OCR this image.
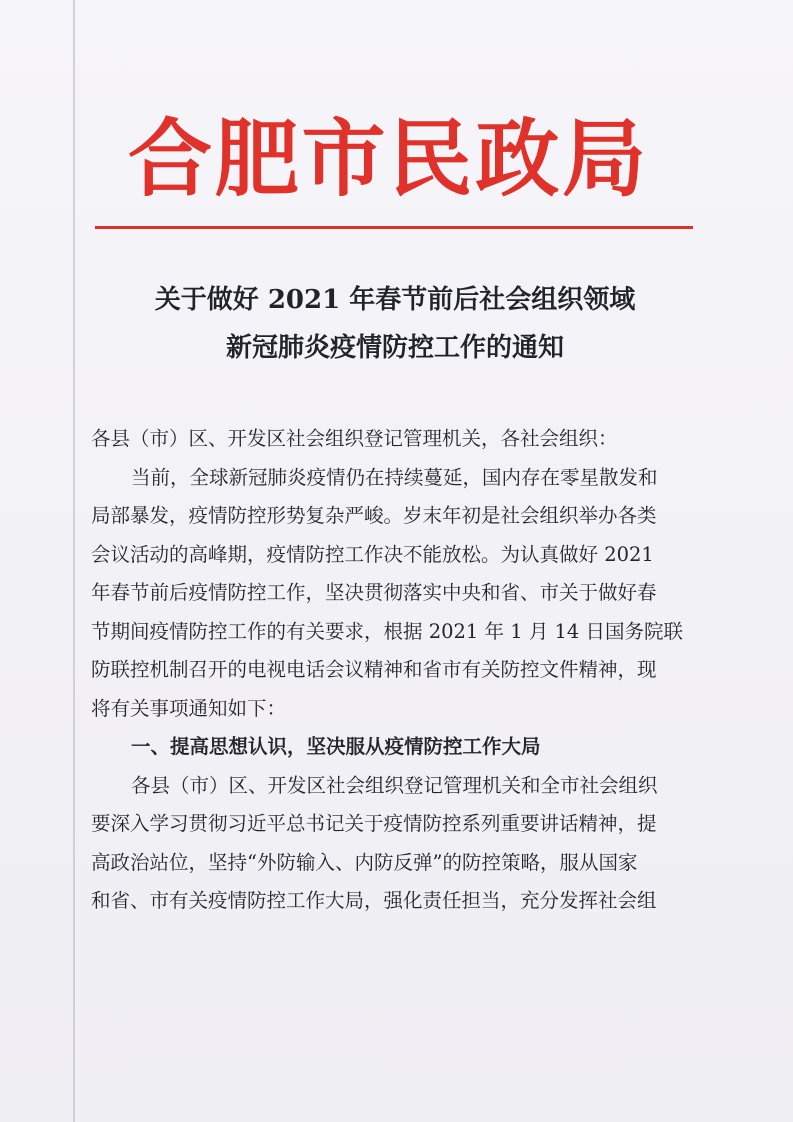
合 肥 市 民 政 局
关于做好 2021 年春节前后社会组织领域
新冠肺炎疫情防控工作的通知
各县（市）区、开发区社会组织登记管理机关，各社会组织：
当前，全球新冠肺炎疫情仍在持续蔓延，国内存在零星散发和
局部暴发，疫情防控形势复杂严峻。岁末年初是社会组织举办各类
会议活动的高峰期，疫情防控工作决不能放松。为认真做好 2021
年春节前后疫情防控工作，坚决贯彻落实中央和省、市关于做好春
节期间疫情防控工作的有关要求，根据 2021 年 1 月 14 日国务院联
防联控机制召开的电视电话会议精神和省市有关防控文件精神，现
将有关事项通知如下：
一、提高思想认识，坚决服从疫情防控工作大局
各县（市）区、开发区社会组织登记管理机关和全市社会组织
要深入学习贯彻习近平总书记关于疫情防控系列重要讲话精神，提
高政治站位，坚持“外防输入、内防反弹”的防控策略，服从国家
和省、市有关疫情防控工作大局，强化责任担当，充分发挥社会组
